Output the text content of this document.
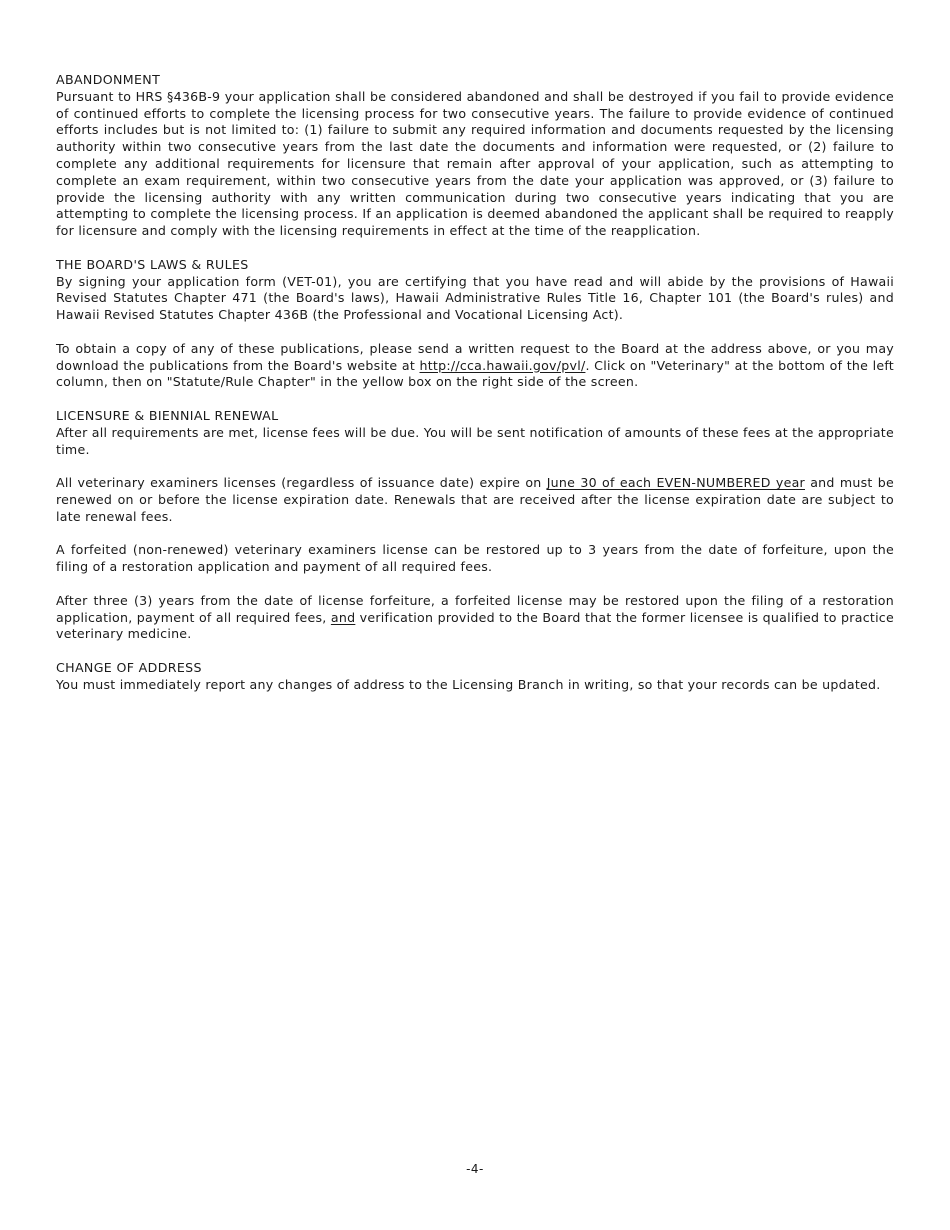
ABANDONMENT

Pursuant to HRS §436B-9 your application shall be considered abandoned and shall be destroyed if you fail to provide evidence of continued efforts to complete the licensing process for two consecutive years. The failure to provide evidence of continued efforts includes but is not limited to: (1) failure to submit any required information and documents requested by the licensing authority within two consecutive years from the last date the documents and information were requested, or (2) failure to complete any additional requirements for licensure that remain after approval of your application, such as attempting to complete an exam requirement, within two consecutive years from the date your application was approved, or (3) failure to provide the licensing authority with any written communication during two consecutive years indicating that you are attempting to complete the licensing process. If an application is deemed abandoned the applicant shall be required to reapply for licensure and comply with the licensing requirements in effect at the time of the reapplication.

THE BOARD'S LAWS & RULES

By signing your application form (VET-01), you are certifying that you have read and will abide by the provisions of Hawaii Revised Statutes Chapter 471 (the Board's laws), Hawaii Administrative Rules Title 16, Chapter 101 (the Board's rules) and Hawaii Revised Statutes Chapter 436B (the Professional and Vocational Licensing Act).

To obtain a copy of any of these publications, please send a written request to the Board at the address above, or you may download the publications from the Board's website at http://cca.hawaii.gov/pvl/. Click on "Veterinary" at the bottom of the left column, then on "Statute/Rule Chapter" in the yellow box on the right side of the screen.

LICENSURE & BIENNIAL RENEWAL

After all requirements are met, license fees will be due. You will be sent notification of amounts of these fees at the appropriate time.

All veterinary examiners licenses (regardless of issuance date) expire on June 30 of each EVEN-NUMBERED year and must be renewed on or before the license expiration date. Renewals that are received after the license expiration date are subject to late renewal fees.

A forfeited (non-renewed) veterinary examiners license can be restored up to 3 years from the date of forfeiture, upon the filing of a restoration application and payment of all required fees.

After three (3) years from the date of license forfeiture, a forfeited license may be restored upon the filing of a restoration application, payment of all required fees, and verification provided to the Board that the former licensee is qualified to practice veterinary medicine.

CHANGE OF ADDRESS

You must immediately report any changes of address to the Licensing Branch in writing, so that your records can be updated.

-4-
